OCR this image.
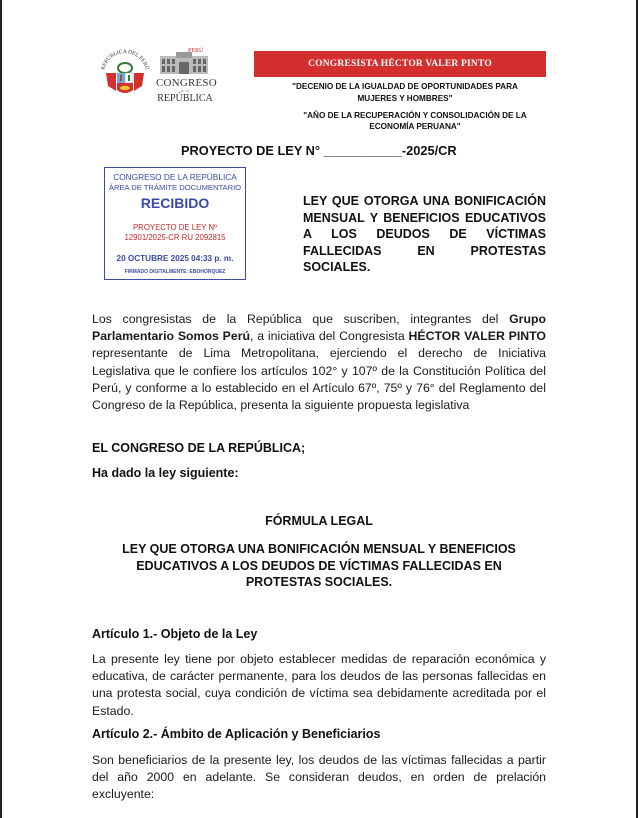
REPÚBLICA DEL PERÚ
PERÚ
CONGRESO
de la
REPÚBLICA
CONGRESISTA HÉCTOR VALER PINTO
"DECENIO DE LA IGUALDAD DE OPORTUNIDADES PARA MUJERES Y HOMBRES"
"AÑO DE LA RECUPERACIÓN Y CONSOLIDACIÓN DE LA ECONOMÍA PERUANA"
PROYECTO DE LEY N° ___________-2025/CR
CONGRESO DE LA REPÚBLICA
ÁREA DE TRÁMITE DOCUMENTARIO
RECIBIDO
PROYECTO DE LEY Nº
12901/2025-CR RU 2092815
20 OCTUBRE 2025 04:33 p. m.
FIRMADO DIGITALMENTE: EBOHORQUEZ
LEY QUE OTORGA UNA BONIFICACIÓN MENSUAL Y BENEFICIOS EDUCATIVOS A LOS DEUDOS DE VÍCTIMAS FALLECIDAS EN PROTESTAS SOCIALES.
Los congresistas de la República que suscriben, integrantes del Grupo Parlamentario Somos Perú, a iniciativa del Congresista HÉCTOR VALER PINTO representante de Lima Metropolitana, ejerciendo el derecho de Iniciativa Legislativa que le confiere los artículos 102° y 107º de la Constitución Política del Perú, y conforme a lo establecido en el Artículo 67º, 75º y 76° del Reglamento del Congreso de la República, presenta la siguiente propuesta legislativa
EL CONGRESO DE LA REPÚBLICA;
Ha dado la ley siguiente:
FÓRMULA LEGAL
LEY QUE OTORGA UNA BONIFICACIÓN MENSUAL Y BENEFICIOS EDUCATIVOS A LOS DEUDOS DE VÍCTIMAS FALLECIDAS EN PROTESTAS SOCIALES.
Artículo 1.- Objeto de la Ley
La presente ley tiene por objeto establecer medidas de reparación económica y educativa, de carácter permanente, para los deudos de las personas fallecidas en una protesta social, cuya condición de víctima sea debidamente acreditada por el Estado.
Artículo 2.- Ámbito de Aplicación y Beneficiarios
Son beneficiarios de la presente ley, los deudos de las víctimas fallecidas a partir del año 2000 en adelante. Se consideran deudos, en orden de prelación excluyente:
